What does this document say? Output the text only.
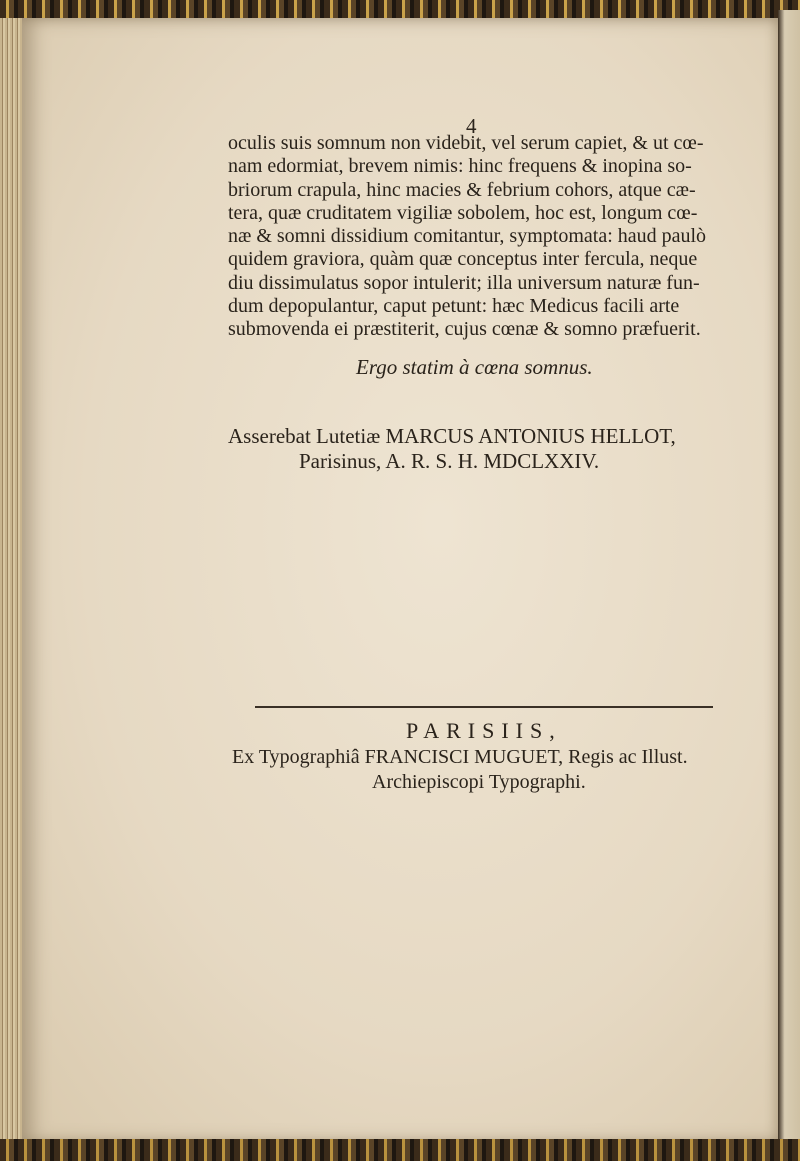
4
oculis suis somnum non videbit, vel serum capiet, & ut cœ-
nam edormiat, brevem nimis: hinc frequens & inopina so-
briorum crapula, hinc macies & febrium cohors, atque cæ-
tera, quæ cruditatem vigiliæ sobolem, hoc est, longum cœ-
næ & somni dissidium comitantur, symptomata: haud paulò
quidem graviora, quàm quæ conceptus inter fercula, neque
diu dissimulatus sopor intulerit; illa universum naturæ fun-
dum depopulantur, caput petunt: hæc Medicus facili arte
submovenda ei præstiterit, cujus cœnæ & somno præfuerit.
Ergo statim à cœna somnus.
Asserebat Lutetiæ MARCUS ANTONIUS HELLOT,
Parisinus, A. R. S. H. MDCLXXIV.
PARISIIS,
Ex Typographiâ FRANCISCI MUGUET, Regis ac Illust.
Archiepiscopi Typographi.
